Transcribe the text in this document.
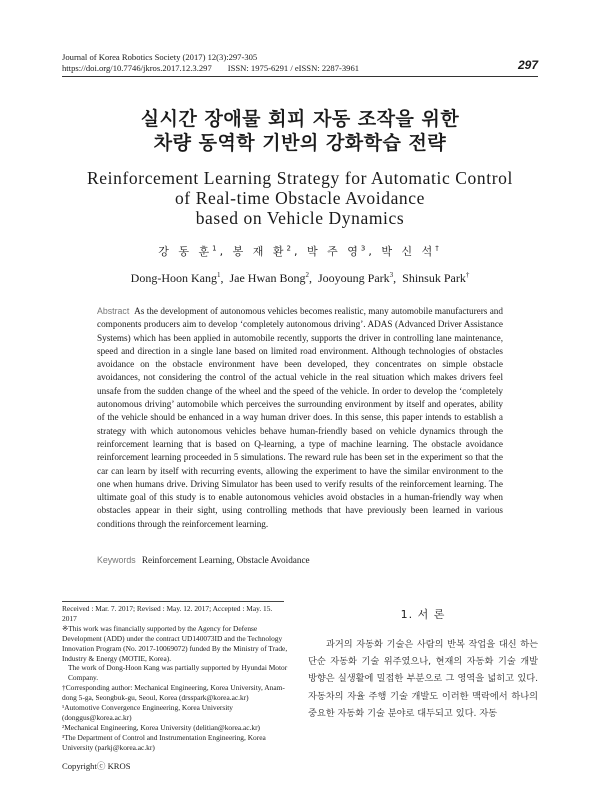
Journal of Korea Robotics Society (2017) 12(3):297-305
https://doi.org/10.7746/jkros.2017.12.3.297 ISSN: 1975-6291 / eISSN: 2287-3961	297
실시간 장애물 회피 자동 조작을 위한
차량 동역학 기반의 강화학습 전략
Reinforcement Learning Strategy for Automatic Control
of Real-time Obstacle Avoidance
based on Vehicle Dynamics
강 동 훈$^1$, 봉 재 환$^2$, 박 주 영$^3$, 박 신 석†
Dong-Hoon Kang$^1$,  Jae Hwan Bong$^2$,  Jooyoung Park$^3$,  Shinsuk Park†
Abstract As the development of autonomous vehicles becomes realistic, many automobile manufacturers and components producers aim to develop ‘completely autonomous driving’. ADAS (Advanced Driver Assistance Systems) which has been applied in automobile recently, supports the driver in controlling lane maintenance, speed and direction in a single lane based on limited road environment. Although technologies of obstacles avoidance on the obstacle environment have been developed, they concentrates on simple obstacle avoidances, not considering the control of the actual vehicle in the real situation which makes drivers feel unsafe from the sudden change of the wheel and the speed of the vehicle. In order to develop the ‘completely autonomous driving’ automobile which perceives the surrounding environment by itself and operates, ability of the vehicle should be enhanced in a way human driver does. In this sense, this paper intends to establish a strategy with which autonomous vehicles behave human-friendly based on vehicle dynamics through the reinforcement learning that is based on Q-learning, a type of machine learning. The obstacle avoidance reinforcement learning proceeded in 5 simulations. The reward rule has been set in the experiment so that the car can learn by itself with recurring events, allowing the experiment to have the similar environment to the one when humans drive. Driving Simulator has been used to verify results of the reinforcement learning. The ultimate goal of this study is to enable autonomous vehicles avoid obstacles in a human-friendly way when obstacles appear in their sight, using controlling methods that have previously been learned in various conditions through the reinforcement learning.
Keywords Reinforcement Learning, Obstacle Avoidance

Received : Mar. 7. 2017; Revised : May. 12. 2017; Accepted : May. 15. 2017

※This work was financially supported by the Agency for Defense Development (ADD) under the contract UD140073ID and the Technology Innovation Program (No. 2017-10069072) funded By the Ministry of Trade, Industry & Energy (MOTIE, Korea).

The work of Dong-Hoon Kang was partially supported by Hyundai Motor Company.

†Corresponding author: Mechanical Engineering, Korea University, Anam-dong 5-ga, Seongbuk-gu, Seoul, Korea (drsspark@korea.ac.kr)

¹Automotive Convergence Engineering, Korea University (donggus@korea.ac.kr)

²Mechanical Engineering, Korea University (delitian@korea.ac.kr)

³The Department of Control and Instrumentation Engineering, Korea University (parkj@korea.ac.kr)

Copyrightⓒ KROS
1. 서 론

과거의 자동화 기술은 사람의 반복 작업을 대신 하는 단순 자동화 기술 위주였으나, 현재의 자동화 기술 개발 방향은 실생활에 밀접한 부분으로 그 영역을 넓히고 있다. 자동차의 자율 주행 기술 개발도 이러한 맥락에서 하나의 중요한 자동화 기술 분야로 대두되고 있다. 자동
